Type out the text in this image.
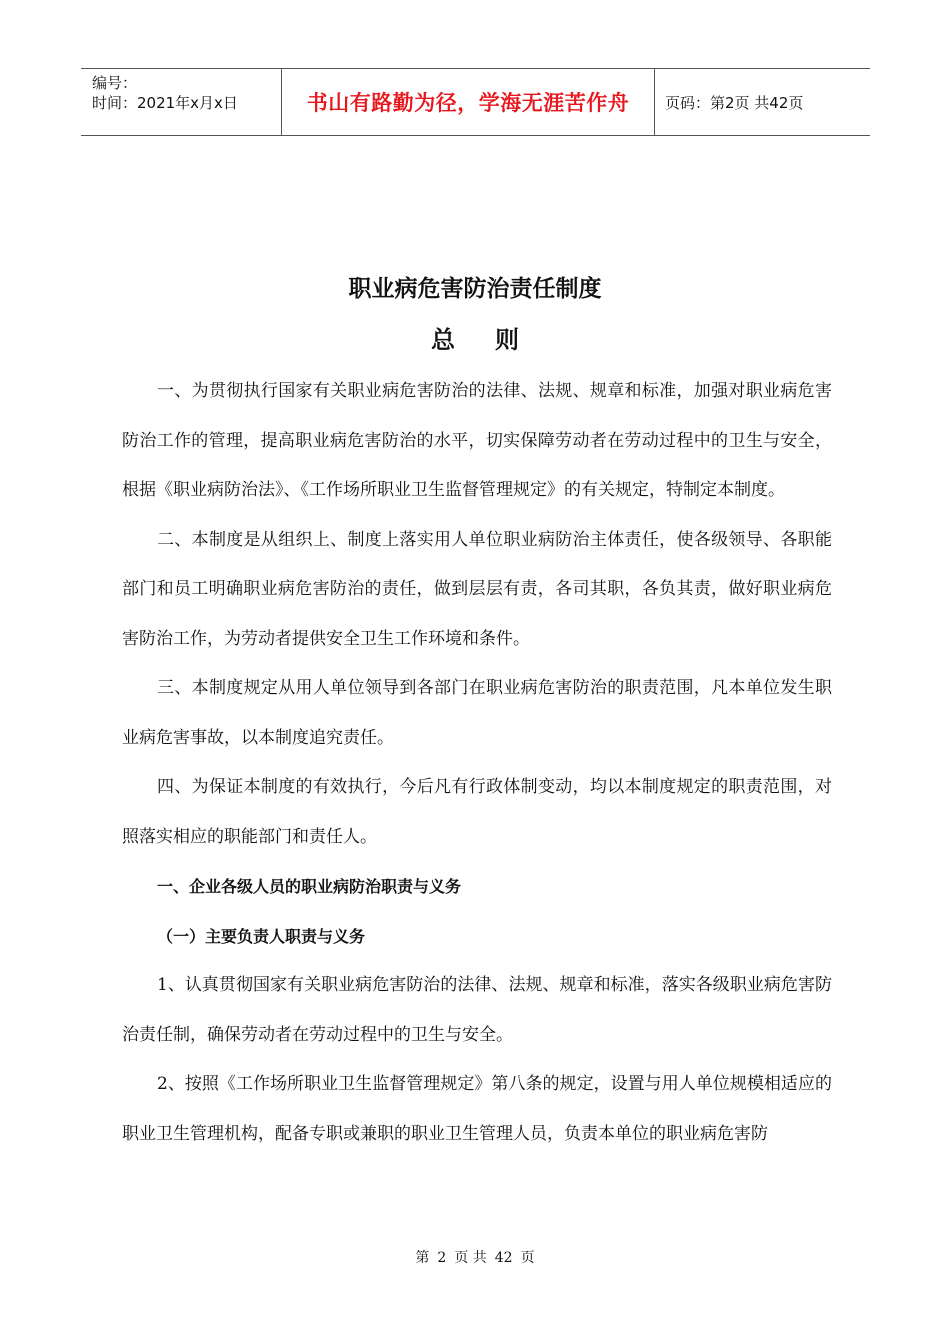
编号：
时间：2021年x月x日	书山有路勤为径，学海无涯苦作舟	页码：第2页 共42页
职业病危害防治责任制度
总则

一、为贯彻执行国家有关职业病危害防治的法律、法规、规章和标准，加强对职业病危害防治工作的管理，提高职业病危害防治的水平，切实保障劳动者在劳动过程中的卫生与安全，根据《职业病防治法》、《工作场所职业卫生监督管理规定》的有关规定，特制定本制度。

二、本制度是从组织上、制度上落实用人单位职业病防治主体责任，使各级领导、各职能部门和员工明确职业病危害防治的责任，做到层层有责，各司其职，各负其责，做好职业病危害防治工作，为劳动者提供安全卫生工作环境和条件。

三、本制度规定从用人单位领导到各部门在职业病危害防治的职责范围，凡本单位发生职业病危害事故，以本制度追究责任。

四、为保证本制度的有效执行，今后凡有行政体制变动，均以本制度规定的职责范围，对照落实相应的职能部门和责任人。

一、企业各级人员的职业病防治职责与义务

（一）主要负责人职责与义务

1、认真贯彻国家有关职业病危害防治的法律、法规、规章和标准，落实各级职业病危害防治责任制，确保劳动者在劳动过程中的卫生与安全。

2、按照《工作场所职业卫生监督管理规定》第八条的规定，设置与用人单位规模相适应的职业卫生管理机构，配备专职或兼职的职业卫生管理人员，负责本单位的职业病危害防

第 2 页 共 42 页
